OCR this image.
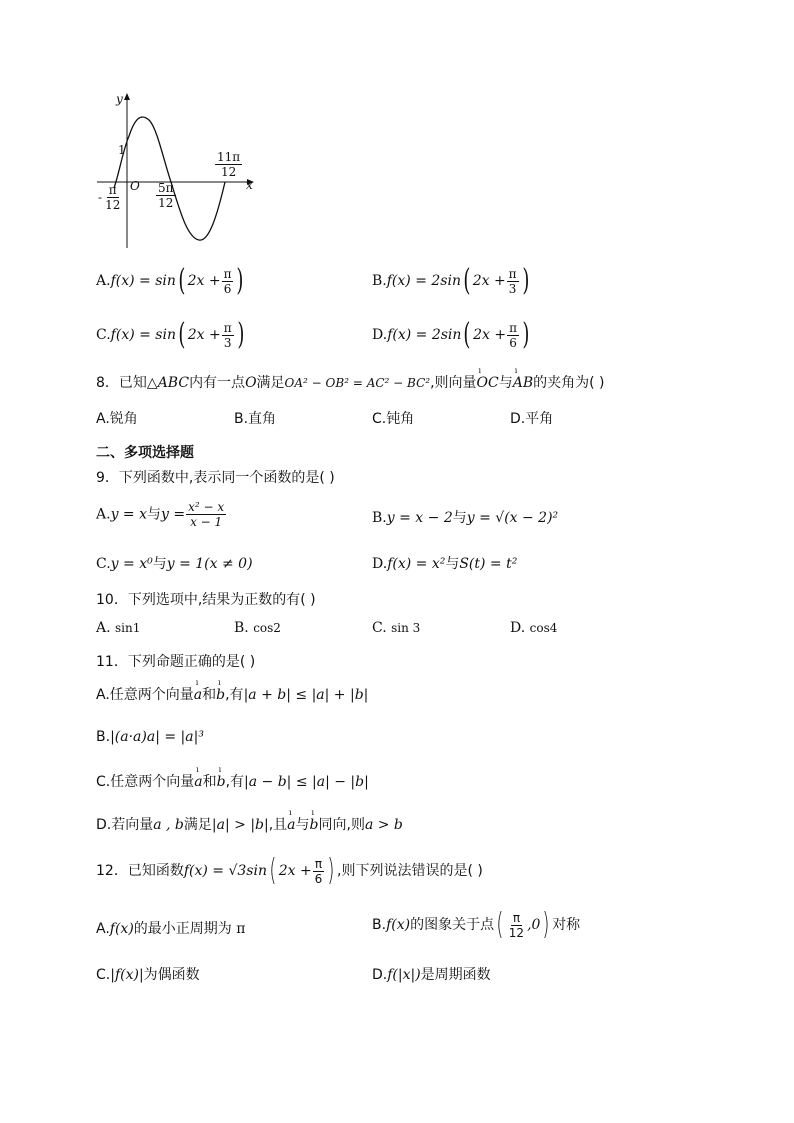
y
x
O
1
- $\frac{\pi}{12}$	$\frac{5\pi}{12}$
$\frac{11\pi}{12}$
A.f(x) = sin( $2x + \frac{\pi}{6}$ )	B.f(x) = 2sin( $2x + \frac{\pi}{3}$ )
C.f(x) = sin( $2x + \frac{\pi}{3}$ )	D.f(x) = 2sin( $2x + \frac{\pi}{6}$ )
8．已知△ABC内有一点O满足OA² − OB² = AC² − BC²,则向量ı OC与ı AB的夹角为( )
A.锐角	B.直角	C.钝角	D.平角
二、多项选择题
9．下列函数中,表示同一个函数的是( )
A.y = x与$y = \frac{\text{x² − x}}{x - 1}$	B.y = x − 2与y = √(x − 2)²
C.y = x⁰与y = 1(x ≠ 0)	D.f(x) = x²与S(t) = t²
10．下列选项中,结果为正数的有( )
A. sin1	B. cos2	C. sin 3	D. cos4
11．下列命题正确的是( )
A.任意两个向量ı a和ı b,有|a + b| ≤ |a| + |b|
B.|(a·a)a| = |a|³
C.任意两个向量ı a和ı b,有|a − b| ≤ |a| − |b|
D.若向量a , b满足|a| > |b|,且ı a与ı b同向,则a > b
12．已知函数f(x) = √3sin( $2x + \frac{\pi}{6}$ ) ,则下列说法错误的是( )
A.f(x)的最小正周期为 π	B.f(x)的图象关于点( $\frac{\pi}{12} ,0$) 对称
C.|f(x)|为偶函数	D.f(|x|)是周期函数
